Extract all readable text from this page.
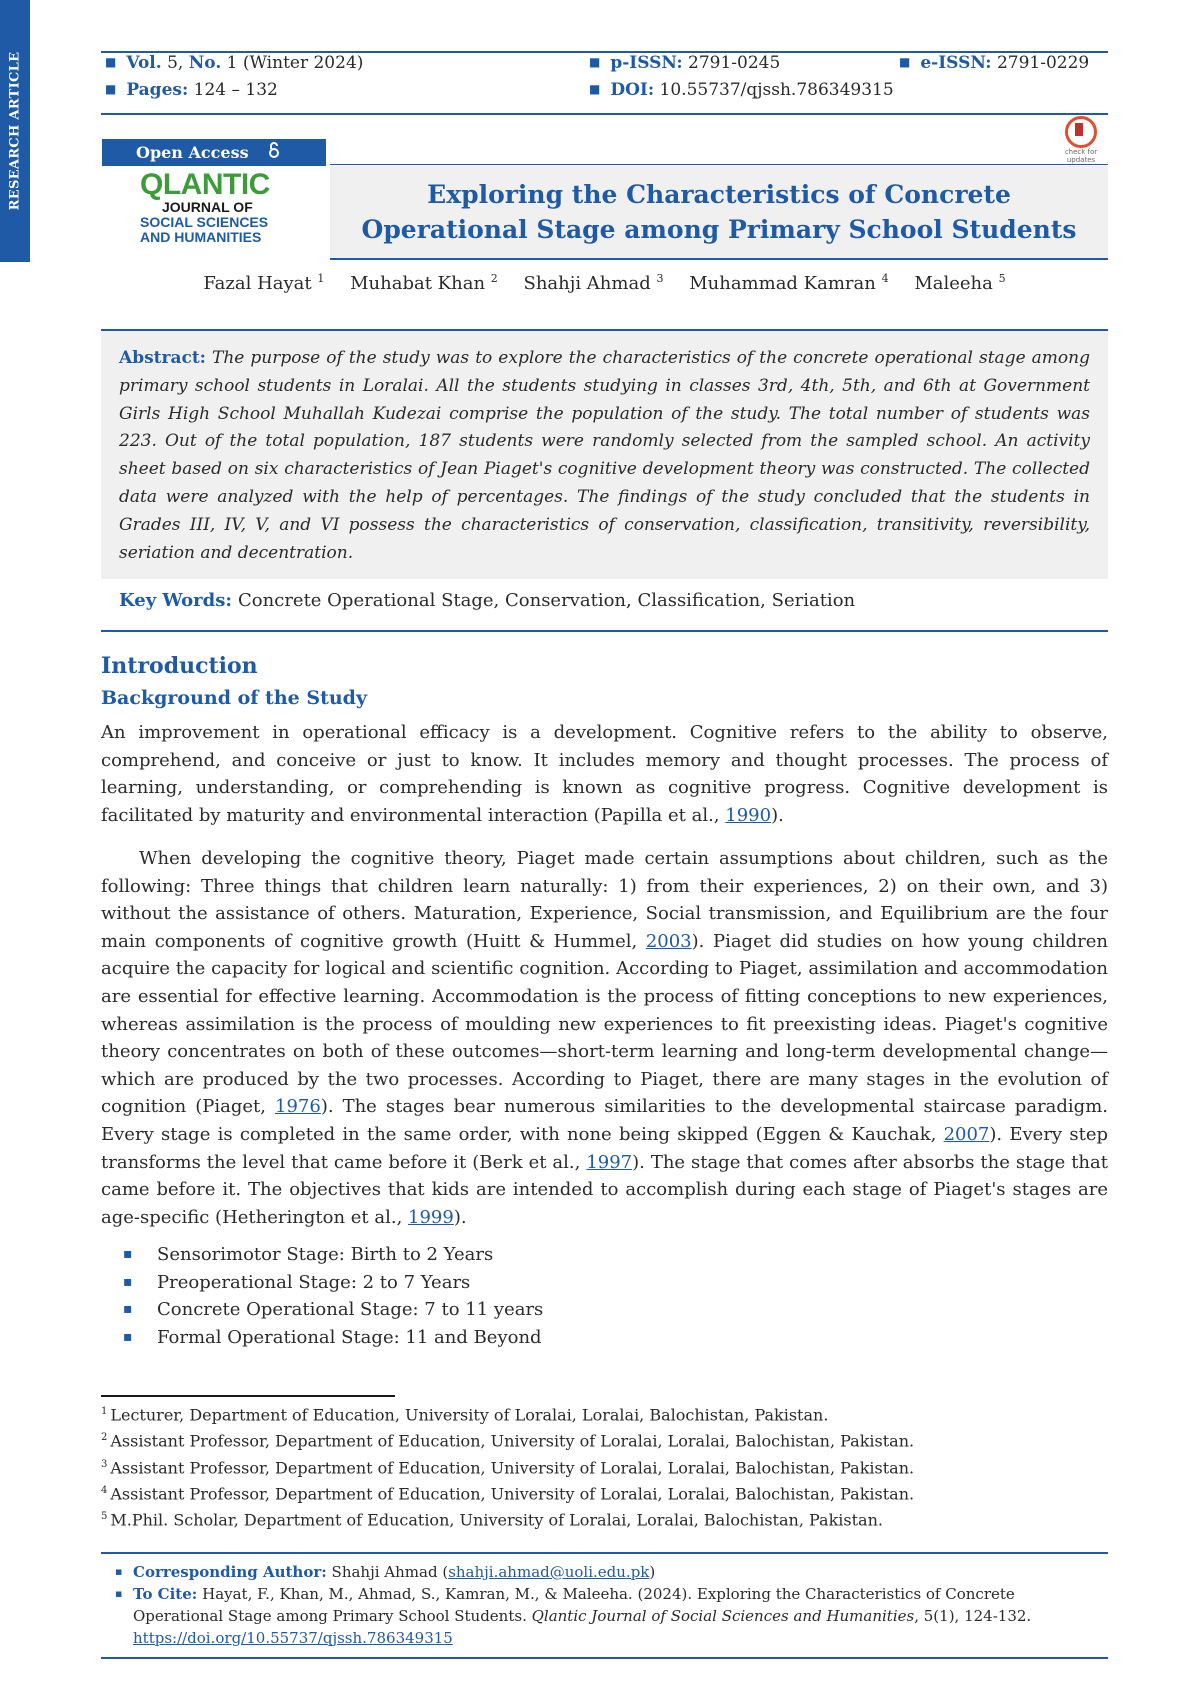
RESEARCH ARTICLE	■ Vol. 5, No. 1 (Winter 2024)
■ Pages: 124 – 132
■ p-ISSN: 2791-0245
■ DOI: 10.55737/qjssh.786349315
■ e-ISSN: 2791-0229
Open Access	check for updates
QLANTIC
JOURNAL OF
SOCIAL SCIENCES
AND HUMANITIES
Exploring the Characteristics of Concrete Operational Stage among Primary School Students
Fazal Hayat $^1$ Muhabat Khan $^2$ Shahji Ahmad $^3$ Muhammad Kamran $^4$ Maleeha $^5$

Abstract: The purpose of the study was to explore the characteristics of the concrete operational stage among primary school students in Loralai. All the students studying in classes 3rd, 4th, 5th, and 6th at Government Girls High School Muhallah Kudezai comprise the population of the study. The total number of students was 223. Out of the total population, 187 students were randomly selected from the sampled school. An activity sheet based on six characteristics of Jean Piaget's cognitive development theory was constructed. The collected data were analyzed with the help of percentages. The findings of the study concluded that the students in Grades III, IV, V, and VI possess the characteristics of conservation, classification, transitivity, reversibility, seriation and decentration.

Key Words: Concrete Operational Stage, Conservation, Classification, Seriation
Introduction
Background of the Study

An improvement in operational efficacy is a development. Cognitive refers to the ability to observe, comprehend, and conceive or just to know. It includes memory and thought processes. The process of learning, understanding, or comprehending is known as cognitive progress. Cognitive development is facilitated by maturity and environmental interaction (Papilla et al., 1990).

When developing the cognitive theory, Piaget made certain assumptions about children, such as the following: Three things that children learn naturally: 1) from their experiences, 2) on their own, and 3) without the assistance of others. Maturation, Experience, Social transmission, and Equilibrium are the four main components of cognitive growth (Huitt & Hummel, 2003). Piaget did studies on how young children acquire the capacity for logical and scientific cognition. According to Piaget, assimilation and accommodation are essential for effective learning. Accommodation is the process of fitting conceptions to new experiences, whereas assimilation is the process of moulding new experiences to fit preexisting ideas. Piaget's cognitive theory concentrates on both of these outcomes—short-term learning and long-term developmental change—which are produced by the two processes. According to Piaget, there are many stages in the evolution of cognition (Piaget, 1976). The stages bear numerous similarities to the developmental staircase paradigm. Every stage is completed in the same order, with none being skipped (Eggen & Kauchak, 2007). Every step transforms the level that came before it (Berk et al., 1997). The stage that comes after absorbs the stage that came before it. The objectives that kids are intended to accomplish during each stage of Piaget's stages are age-specific (Hetherington et al., 1999).

▪ Sensorimotor Stage: Birth to 2 Years
▪ Preoperational Stage: 2 to 7 Years
▪ Concrete Operational Stage: 7 to 11 years
▪ Formal Operational Stage: 11 and Beyond
$^1$ Lecturer, Department of Education, University of Loralai, Loralai, Balochistan, Pakistan.
$^2$ Assistant Professor, Department of Education, University of Loralai, Loralai, Balochistan, Pakistan.
$^3$ Assistant Professor, Department of Education, University of Loralai, Loralai, Balochistan, Pakistan.
$^4$ Assistant Professor, Department of Education, University of Loralai, Loralai, Balochistan, Pakistan.
$^5$ M.Phil. Scholar, Department of Education, University of Loralai, Loralai, Balochistan, Pakistan.
▪ Corresponding Author: Shahji Ahmad (shahji.ahmad@uoli.edu.pk)
▪ To Cite: Hayat, F., Khan, M., Ahmad, S., Kamran, M., & Maleeha. (2024). Exploring the Characteristics of Concrete Operational Stage among Primary School Students. Qlantic Journal of Social Sciences and Humanities, 5(1), 124-132.
https://doi.org/10.55737/qjssh.786349315
